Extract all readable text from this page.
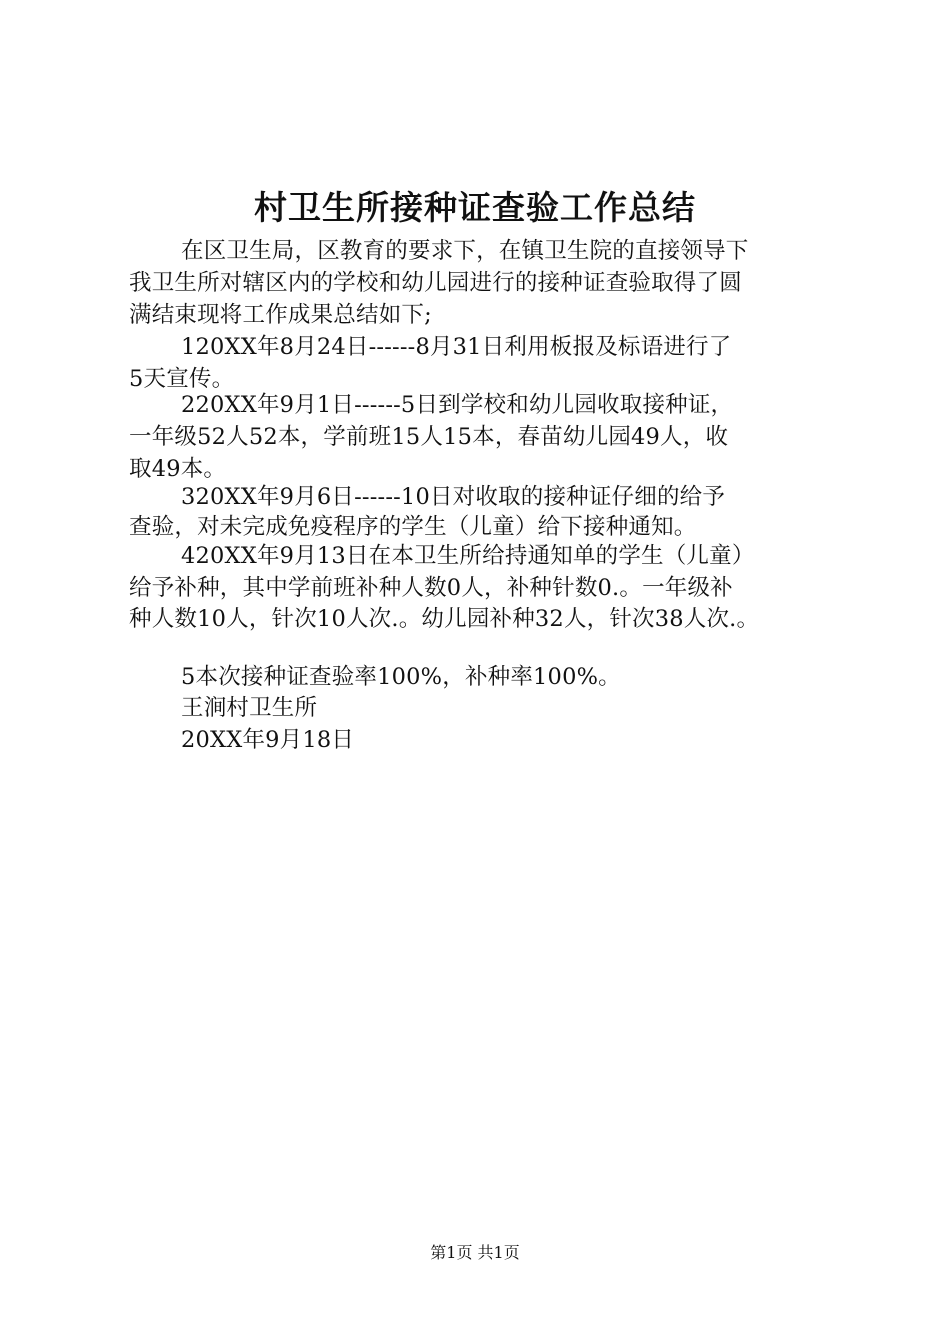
村卫生所接种证查验工作总结
在区卫生局，区教育的要求下，在镇卫生院的直接领导下
我卫生所对辖区内的学校和幼儿园进行的接种证查验取得了圆
满结束现将工作成果总结如下;
120XX年8月24日------8月31日利用板报及标语进行了
5天宣传。
220XX年9月1日------5日到学校和幼儿园收取接种证，
一年级52人52本，学前班15人15本，春苗幼儿园49人，收
取49本。
320XX年9月6日------10日对收取的接种证仔细的给予
查验，对未完成免疫程序的学生（儿童）给下接种通知。
420XX年9月13日在本卫生所给持通知单的学生（儿童）
给予补种，其中学前班补种人数0人，补种针数0.。一年级补
种人数10人，针次10人次.。幼儿园补种32人，针次38人次.。
5本次接种证查验率100%，补种率100%。
王涧村卫生所
20XX年9月18日
第1页 共1页
